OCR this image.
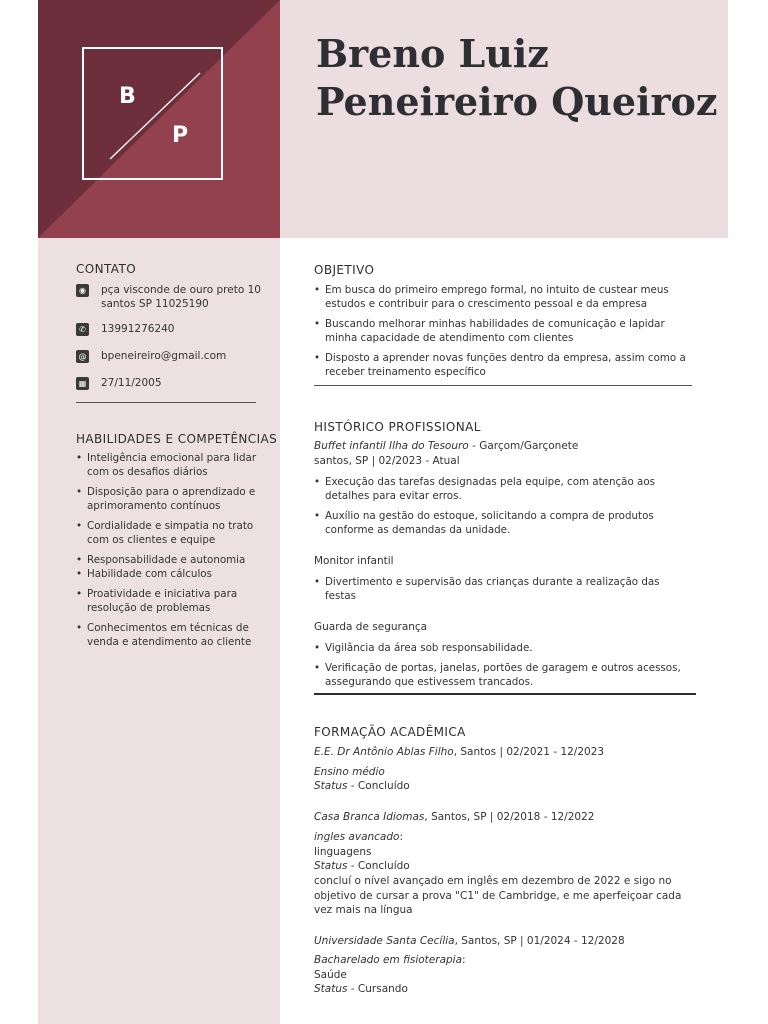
B
P
Breno Luiz
Peneireiro Queiroz
CONTATO
◉ pça visconde de ouro preto 10
santos SP 11025190
✆	13991276240
@ bpeneireiro@gmail.com
▦ 27/11/2005
HABILIDADES E COMPETÊNCIAS
• Inteligência emocional para lidar com os desafios diários
• Disposição para o aprendizado e aprimoramento contínuos
• Cordialidade e simpatia no trato com os clientes e equipe
• Responsabilidade e autonomia
• Habilidade com cálculos
• Proatividade e iniciativa para resolução de problemas
• Conhecimentos em técnicas de venda e atendimento ao cliente
OBJETIVO
• Em busca do primeiro emprego formal, no intuito de custear meus estudos e contribuir para o crescimento pessoal e da empresa
• Buscando melhorar minhas habilidades de comunicação e lapidar minha capacidade de atendimento com clientes
• Disposto a aprender novas funções dentro da empresa, assim como a receber treinamento específico
HISTÓRICO PROFISSIONAL
Buffet infantil Ilha do Tesouro - Garçom/Garçonete
santos, SP | 02/2023 - Atual
• Execução das tarefas designadas pela equipe, com atenção aos detalhes para evitar erros.
• Auxílio na gestão do estoque, solicitando a compra de produtos conforme as demandas da unidade.
Monitor infantil
• Divertimento e supervisão das crianças durante a realização das festas
Guarda de segurança
• Vigilância da área sob responsabilidade.
• Verificação de portas, janelas, portões de garagem e outros acessos, assegurando que estivessem trancados.
FORMAÇÃO ACADÊMICA
E.E. Dr Antônio Ablas Filho, Santos | 02/2021 - 12/2023
Ensino médio
Status - Concluído
Casa Branca Idiomas, Santos, SP | 02/2018 - 12/2022
ingles avancado:
linguagens
Status - Concluído
concluí o nível avançado em inglês em dezembro de 2022 e sigo no objetivo de cursar a prova "C1" de Cambridge, e me aperfeiçoar cada vez mais na língua
Universidade Santa Cecília, Santos, SP | 01/2024 - 12/2028
Bacharelado em fisioterapia:
Saúde
Status - Cursando
